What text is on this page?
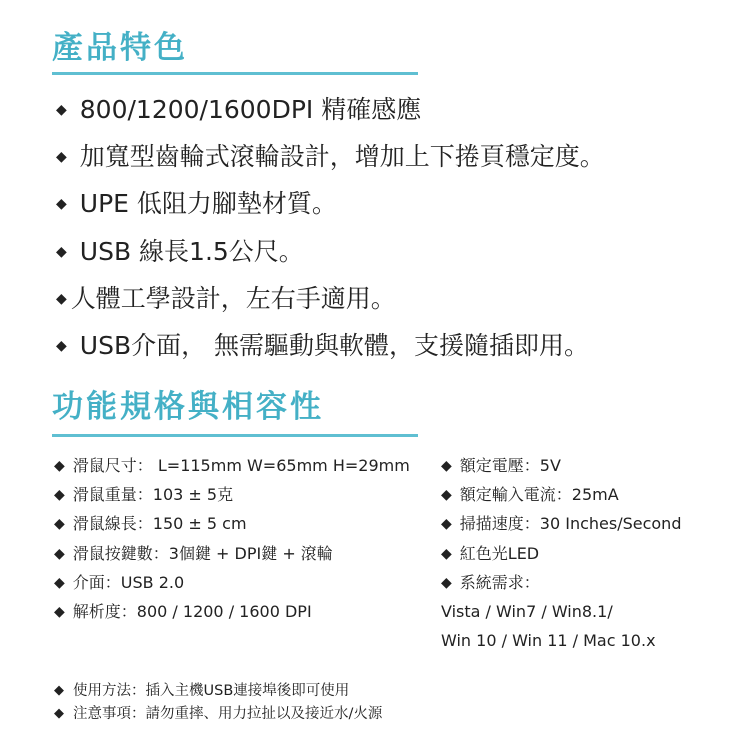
產品特色
◆ 800/1200/1600DPI 精確感應
◆ 加寬型齒輪式滾輪設計，增加上下捲頁穩定度。
◆ UPE 低阻力腳墊材質。
◆ USB 線長1.5公尺。
◆ 人體工學設計，左右手適用。
◆ USB介面， 無需驅動與軟體，支援隨插即用。
功能規格與相容性
◆ 滑鼠尺寸： L=115mm W=65mm H=29mm
◆ 滑鼠重量：103 ± 5克
◆ 滑鼠線長：150 ± 5 cm
◆ 滑鼠按鍵數：3個鍵 + DPI鍵 + 滾輪
◆ 介面：USB 2.0
◆ 解析度：800 / 1200 / 1600 DPI
◆ 額定電壓：5V
◆ 額定輸入電流：25mA
◆ 掃描速度：30 Inches/Second
◆ 紅色光LED
◆ 系統需求：
Vista / Win7 / Win8.1/
Win 10 / Win 11 / Mac 10.x
◆ 使用方法：插入主機USB連接埠後即可使用
◆ 注意事項：請勿重摔、用力拉扯以及接近水/火源
